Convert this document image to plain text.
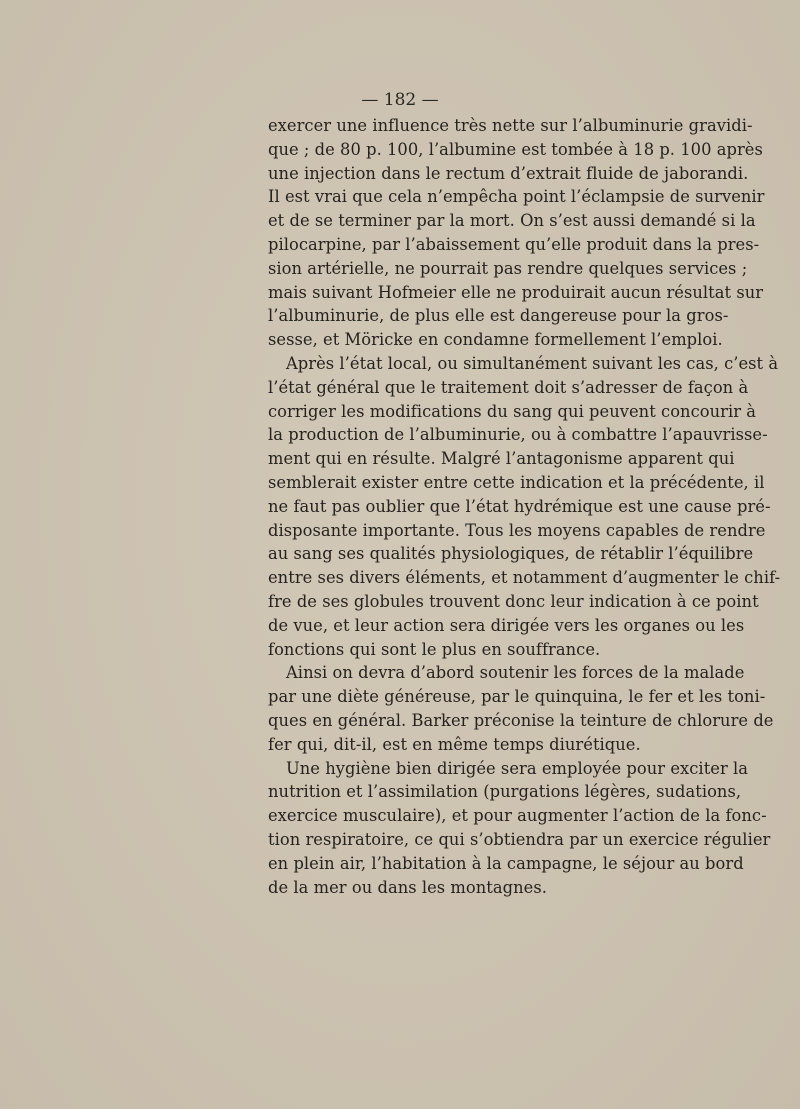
— 182 —
exercer une influence très nette sur l’albuminurie gravidi-
que ; de 80 p. 100, l’albumine est tombée à 18 p. 100 après
une injection dans le rectum d’extrait fluide de jaborandi.
Il est vrai que cela n’empêcha point l’éclampsie de survenir
et de se terminer par la mort. On s’est aussi demandé si la
pilocarpine, par l’abaissement qu’elle produit dans la pres-
sion artérielle, ne pourrait pas rendre quelques services ;
mais suivant Hofmeier elle ne produirait aucun résultat sur
l’albuminurie, de plus elle est dangereuse pour la gros-
sesse, et Möricke en condamne formellement l’emploi.
Après l’état local, ou simultanément suivant les cas, c’est à
l’état général que le traitement doit s’adresser de façon à
corriger les modifications du sang qui peuvent concourir à
la production de l’albuminurie, ou à combattre l’apauvrisse-
ment qui en résulte. Malgré l’antagonisme apparent qui
semblerait exister entre cette indication et la précédente, il
ne faut pas oublier que l’état hydrémique est une cause pré-
disposante importante. Tous les moyens capables de rendre
au sang ses qualités physiologiques, de rétablir l’équilibre
entre ses divers éléments, et notamment d’augmenter le chif-
fre de ses globules trouvent donc leur indication à ce point
de vue, et leur action sera dirigée vers les organes ou les
fonctions qui sont le plus en souffrance.
Ainsi on devra d’abord soutenir les forces de la malade
par une diète généreuse, par le quinquina, le fer et les toni-
ques en général. Barker préconise la teinture de chlorure de
fer qui, dit-il, est en même temps diurétique.
Une hygiène bien dirigée sera employée pour exciter la
nutrition et l’assimilation (purgations légères, sudations,
exercice musculaire), et pour augmenter l’action de la fonc-
tion respiratoire, ce qui s’obtiendra par un exercice régulier
en plein air, l’habitation à la campagne, le séjour au bord
de la mer ou dans les montagnes.
